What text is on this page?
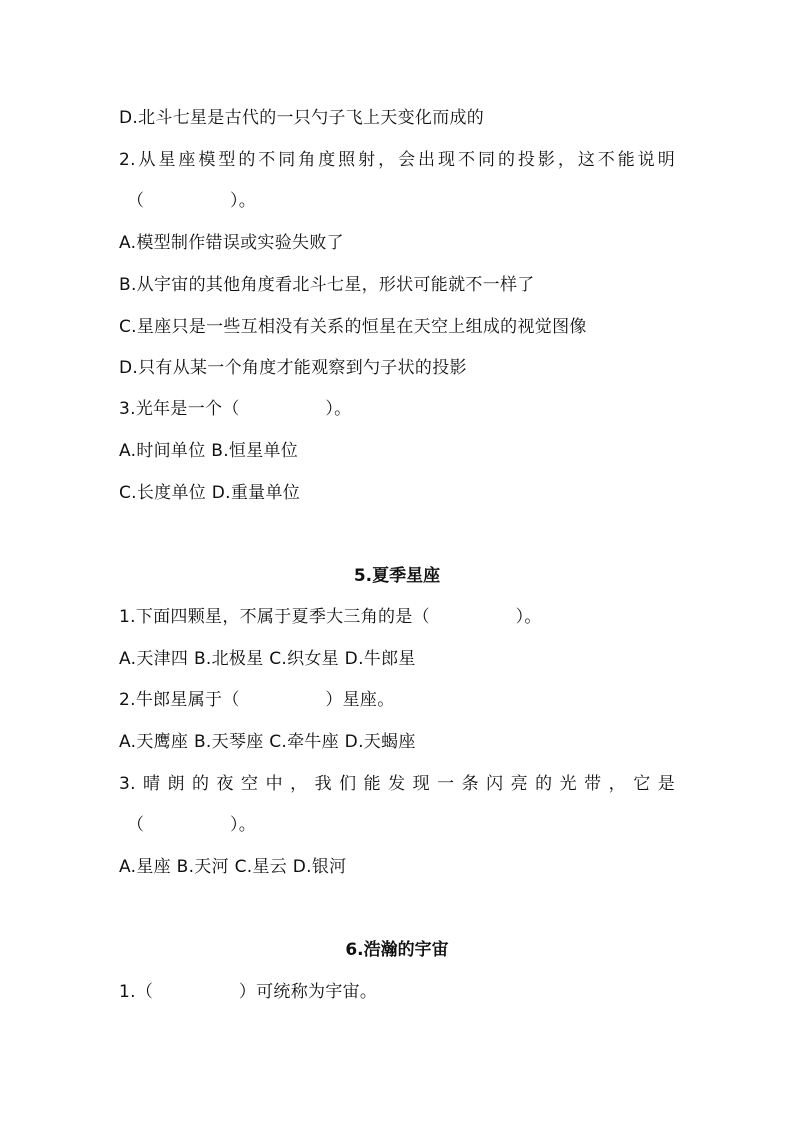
D.北斗七星是古代的一只勺子飞上天变化而成的
2.从星座模型的不同角度照射，会出现不同的投影，这不能说明
（ ）。
A.模型制作错误或实验失败了
B.从宇宙的其他角度看北斗七星，形状可能就不一样了
C.星座只是一些互相没有关系的恒星在天空上组成的视觉图像
D.只有从某一个角度才能观察到勺子状的投影
3.光年是一个（ ）。
A.时间单位 B.恒星单位
C.长度单位 D.重量单位
5.夏季星座
1.下面四颗星，不属于夏季大三角的是（ ）。
A.天津四 B.北极星 C.织女星 D.牛郎星
2.牛郎星属于（ ）星座。
A.天鹰座 B.天琴座 C.牵牛座 D.天蝎座
3.晴朗的夜空中，我们能发现一条闪亮的光带，它是
（ ）。
A.星座 B.天河 C.星云 D.银河
6.浩瀚的宇宙
1.（ ）可统称为宇宙。
